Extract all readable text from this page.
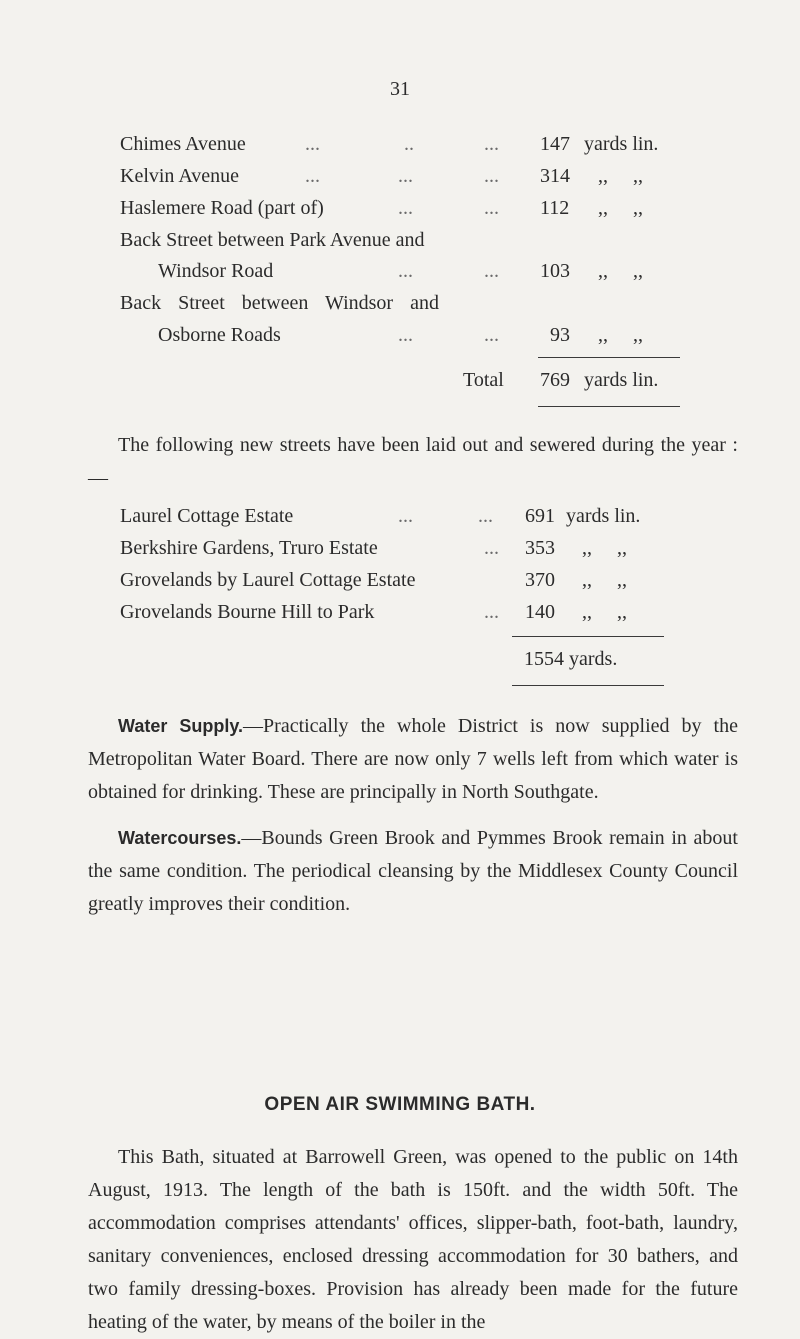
31
Chimes Avenue	...	..	... 147 yards lin.
Kelvin Avenue	...	...	... 314 ,,     ,,
Haslemere Road (part of)	...	... 112 ,,     ,,
Back Street between Park Avenue and
Windsor Road	...	... 103 ,,     ,,
Back Street between Windsor and
Osborne Roads	...	...	93 ,,     ,,
Total 769 yards lin.

The following new streets have been laid out and sewered during the year :—

Laurel Cottage Estate	...	... 691 yards lin.
Berkshire Gardens, Truro Estate	... 353 ,,     ,,
Grovelands by Laurel Cottage Estate	370 ,,     ,,
Grovelands Bourne Hill to Park	... 140 ,,     ,,
1554 yards.

Water Supply.—Practically the whole District is now supplied by the Metropolitan Water Board. There are now only 7 wells left from which water is obtained for drinking. These are principally in North Southgate.

Watercourses.—Bounds Green Brook and Pymmes Brook remain in about the same condition. The periodical cleansing by the Middlesex County Council greatly improves their condition.

OPEN AIR SWIMMING BATH.

This Bath, situated at Barrowell Green, was opened to the public on 14th August, 1913. The length of the bath is 150ft. and the width 50ft. The accommodation comprises attendants' offices, slipper-bath, foot-bath, laundry, sanitary conveniences, enclosed dressing accommodation for 30 bathers, and two family dressing-boxes. Provision has already been made for the future heating of the water, by means of the boiler in the
